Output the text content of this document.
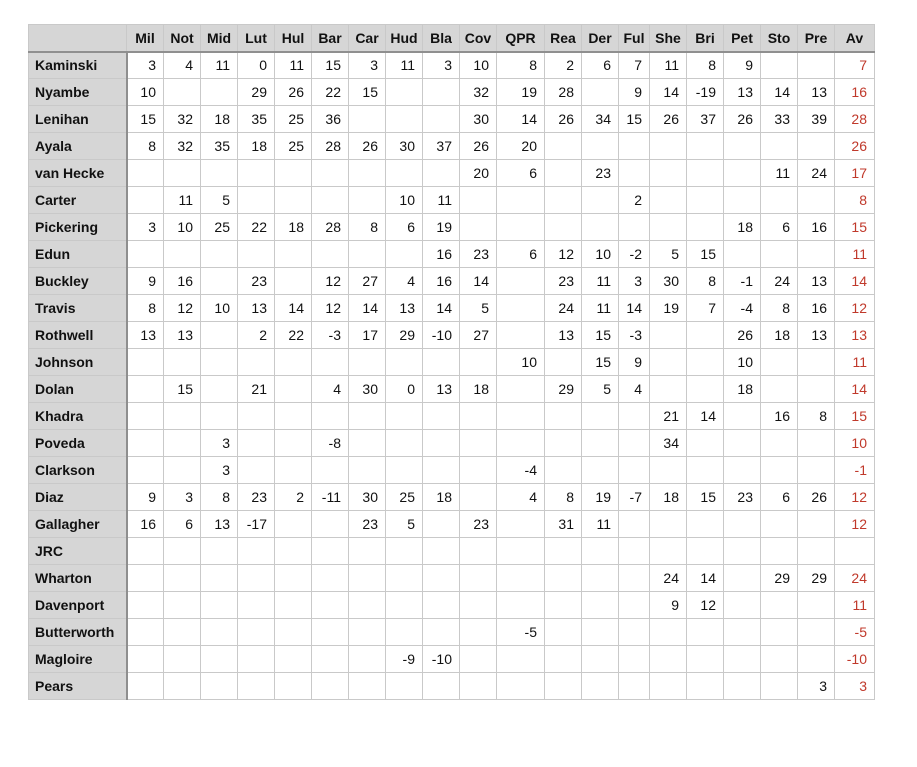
	Mil	Not	Mid	Lut	Hul	Bar	Car	Hud	Bla	Cov	QPR	Rea	Der	Ful	She	Bri	Pet	Sto	Pre	Av
Kaminski	3	4	11	0	11	15	3	11	3	10	8	2	6	7	11	8	9			7
Nyambe	10			29	26	22	15			32	19	28		9	14	-19	13	14	13	16
Lenihan	15	32	18	35	25	36				30	14	26	34	15	26	37	26	33	39	28
Ayala	8	32	35	18	25	28	26	30	37	26	20									26
van Hecke										20	6		23					11	24	17
Carter		11	5					10	11					2						8
Pickering	3	10	25	22	18	28	8	6	19								18	6	16	15
Edun									16	23	6	12	10	-2	5	15				11
Buckley	9	16		23		12	27	4	16	14		23	11	3	30	8	-1	24	13	14
Travis	8	12	10	13	14	12	14	13	14	5		24	11	14	19	7	-4	8	16	12
Rothwell	13	13		2	22	-3	17	29	-10	27		13	15	-3			26	18	13	13
Johnson											10		15	9			10			11
Dolan		15		21		4	30	0	13	18		29	5	4			18			14
Khadra															21	14		16	8	15
Poveda			3			-8									34					10
Clarkson			3								-4									-1
Diaz	9	3	8	23	2	-11	30	25	18		4	8	19	-7	18	15	23	6	26	12
Gallagher	16	6	13	-17			23	5		23		31	11							12
JRC																				
Wharton															24	14		29	29	24
Davenport															9	12				11
Butterworth											-5									-5
Magloire								-9	-10											-10
Pears																			3	3
